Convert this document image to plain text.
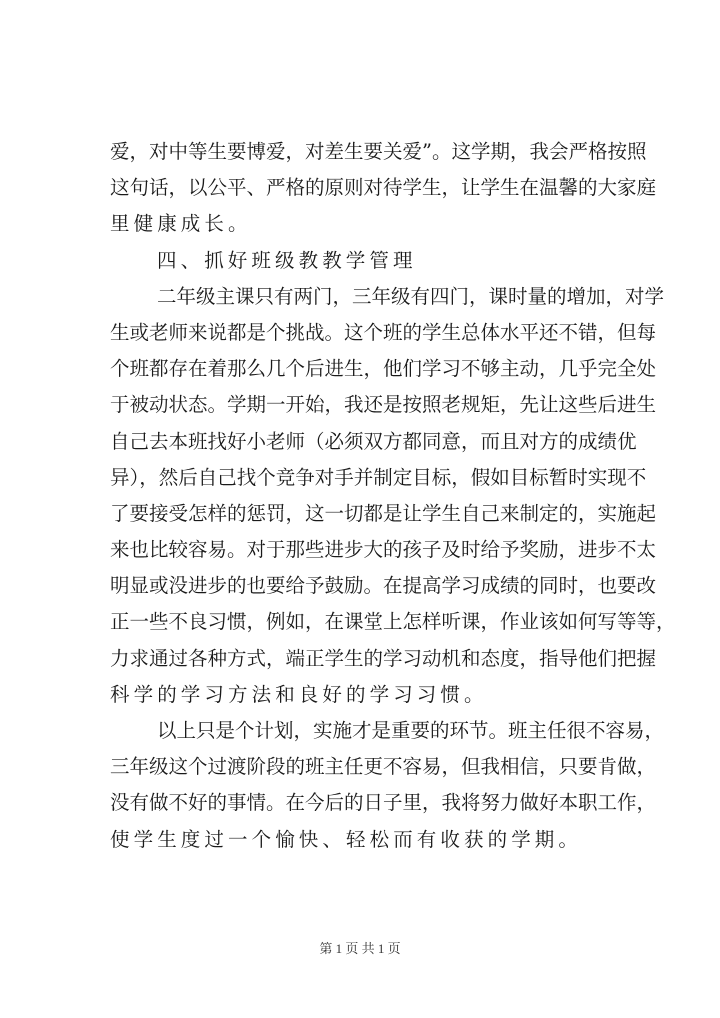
爱，对中等生要博爱，对差生要关爱”。这学期，我会严格按照
这句话，以公平、严格的原则对待学生，让学生在温馨的大家庭
里健康成长。
四、抓好班级教教学管理
二年级主课只有两门，三年级有四门，课时量的增加，对学
生或老师来说都是个挑战。这个班的学生总体水平还不错，但每
个班都存在着那么几个后进生，他们学习不够主动，几乎完全处
于被动状态。学期一开始，我还是按照老规矩，先让这些后进生
自己去本班找好小老师（必须双方都同意，而且对方的成绩优
异），然后自己找个竞争对手并制定目标，假如目标暂时实现不
了要接受怎样的惩罚，这一切都是让学生自己来制定的，实施起
来也比较容易。对于那些进步大的孩子及时给予奖励，进步不太
明显或没进步的也要给予鼓励。在提高学习成绩的同时，也要改
正一些不良习惯，例如，在课堂上怎样听课，作业该如何写等等，
力求通过各种方式，端正学生的学习动机和态度，指导他们把握
科学的学习方法和良好的学习习惯。
以上只是个计划，实施才是重要的环节。班主任很不容易，
三年级这个过渡阶段的班主任更不容易，但我相信，只要肯做，
没有做不好的事情。在今后的日子里，我将努力做好本职工作，
使学生度过一个愉快、轻松而有收获的学期。
第 1 页 共 1 页
